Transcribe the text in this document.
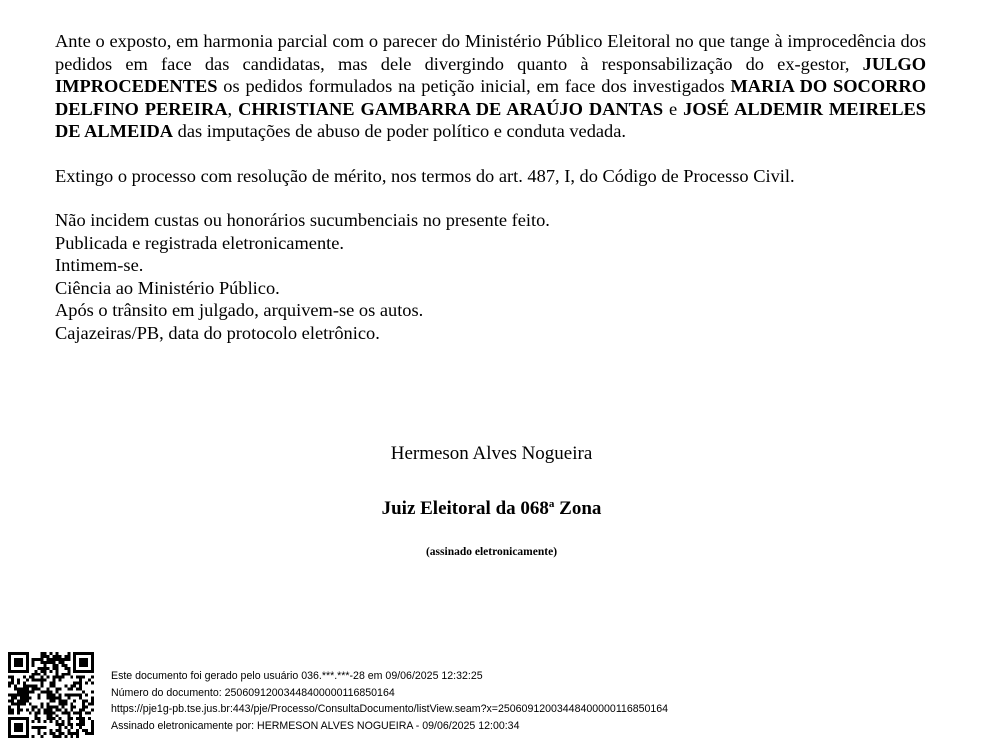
Ante o exposto, em harmonia parcial com o parecer do Ministério Público Eleitoral no que tange à improcedência dos pedidos em face das candidatas, mas dele divergindo quanto à responsabilização do ex-gestor, JULGO IMPROCEDENTES os pedidos formulados na petição inicial, em face dos investigados MARIA DO SOCORRO DELFINO PEREIRA, CHRISTIANE GAMBARRA DE ARAÚJO DANTAS e JOSÉ ALDEMIR MEIRELES DE ALMEIDA das imputações de abuso de poder político e conduta vedada.

Extingo o processo com resolução de mérito, nos termos do art. 487, I, do Código de Processo Civil.

Não incidem custas ou honorários sucumbenciais no presente feito.
Publicada e registrada eletronicamente.
Intimem-se.
Ciência ao Ministério Público.
Após o trânsito em julgado, arquivem-se os autos.
Cajazeiras/PB, data do protocolo eletrônico.

Hermeson Alves Nogueira
Juiz Eleitoral da 068$^a$ Zona
(assinado eletronicamente)
Este documento foi gerado pelo usuário 036.***.***-28 em 09/06/2025 12:32:25
Número do documento: 25060912003448400000116850164
https://pje1g-pb.tse.jus.br:443/pje/Processo/ConsultaDocumento/listView.seam?x=25060912003448400000116850164
Assinado eletronicamente por: HERMESON ALVES NOGUEIRA - 09/06/2025 12:00:34
